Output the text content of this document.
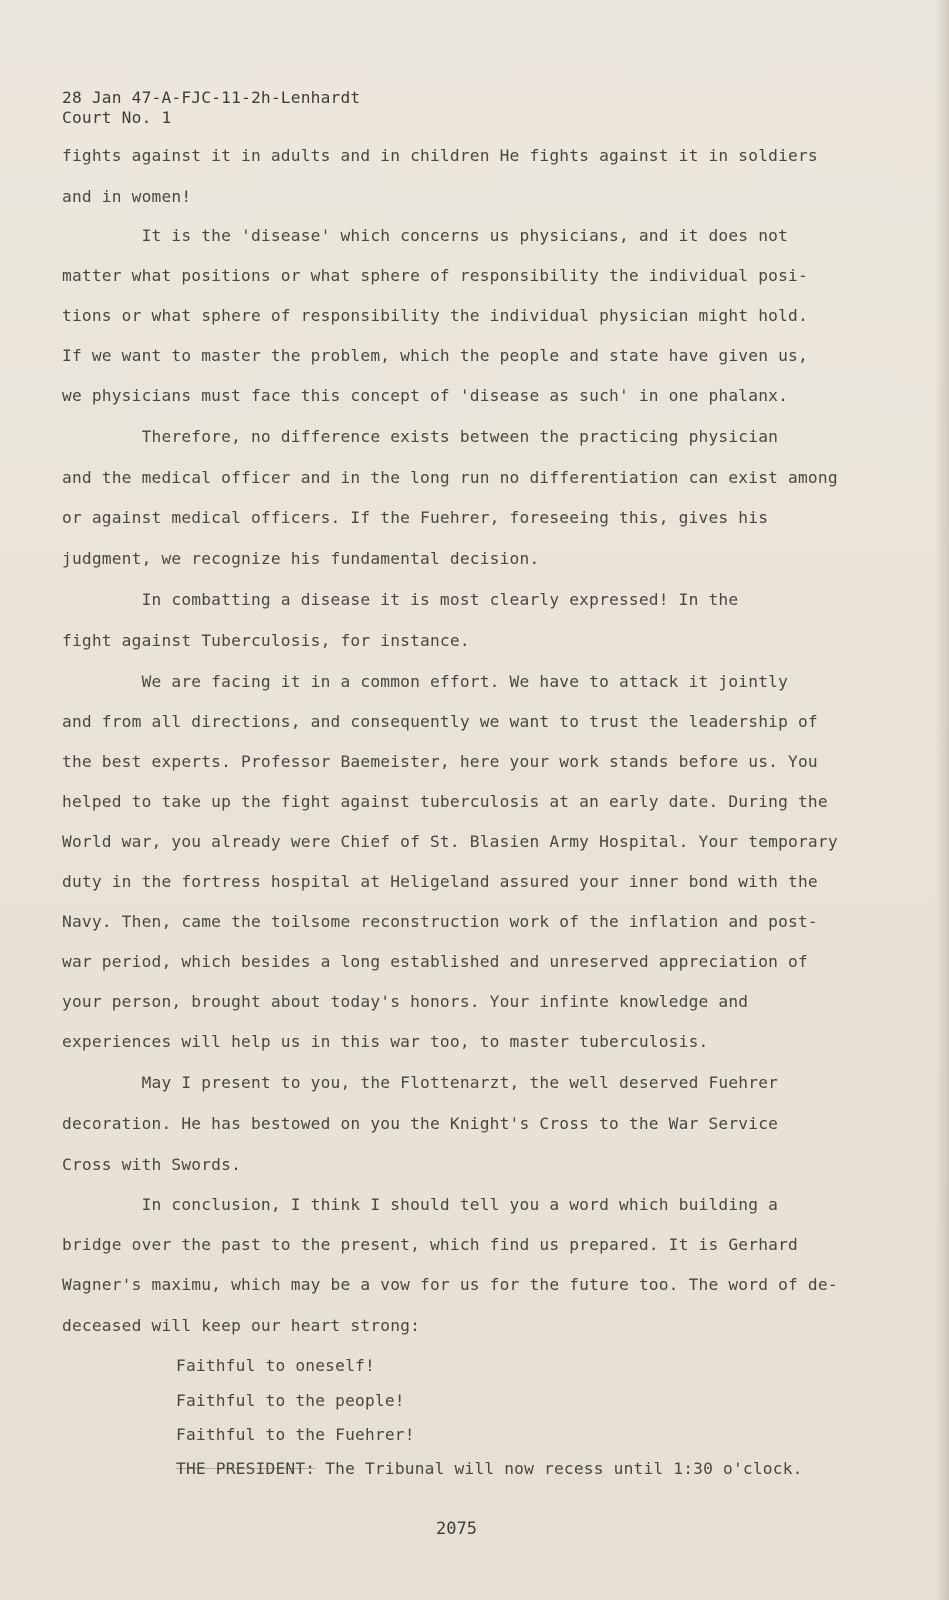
28 Jan 47-A-FJC-11-2h-Lenhardt

Court No. 1

fights against it in adults and in children He fights against it in soldiers

and in women!

It is the 'disease' which concerns us physicians, and it does not

matter what positions or what sphere of responsibility the individual posi-

tions or what sphere of responsibility the individual physician might hold.

If we want to master the problem, which the people and state have given us,

we physicians must face this concept of 'disease as such' in one phalanx.

Therefore, no difference exists between the practicing physician

and the medical officer and in the long run no differentiation can exist among

or against medical officers. If the Fuehrer, foreseeing this, gives his

judgment, we recognize his fundamental decision.

In combatting a disease it is most clearly expressed! In the

fight against Tuberculosis, for instance.

We are facing it in a common effort. We have to attack it jointly

and from all directions, and consequently we want to trust the leadership of

the best experts. Professor Baemeister, here your work stands before us. You

helped to take up the fight against tuberculosis at an early date. During the

World war, you already were Chief of St. Blasien Army Hospital. Your temporary

duty in the fortress hospital at Heligeland assured your inner bond with the

Navy. Then, came the toilsome reconstruction work of the inflation and post-

war period, which besides a long established and unreserved appreciation of

your person, brought about today's honors. Your infinte knowledge and

experiences will help us in this war too, to master tuberculosis.

May I present to you, the Flottenarzt, the well deserved Fuehrer

decoration. He has bestowed on you the Knight's Cross to the War Service

Cross with Swords.

In conclusion, I think I should tell you a word which building a

bridge over the past to the present, which find us prepared. It is Gerhard

Wagner's maximu, which may be a vow for us for the future too. The word of de-

deceased will keep our heart strong:

Faithful to oneself!

Faithful to the people!

Faithful to the Fuehrer!

THE PRESIDENT: The Tribunal will now recess until 1:30 o'clock.

2075
